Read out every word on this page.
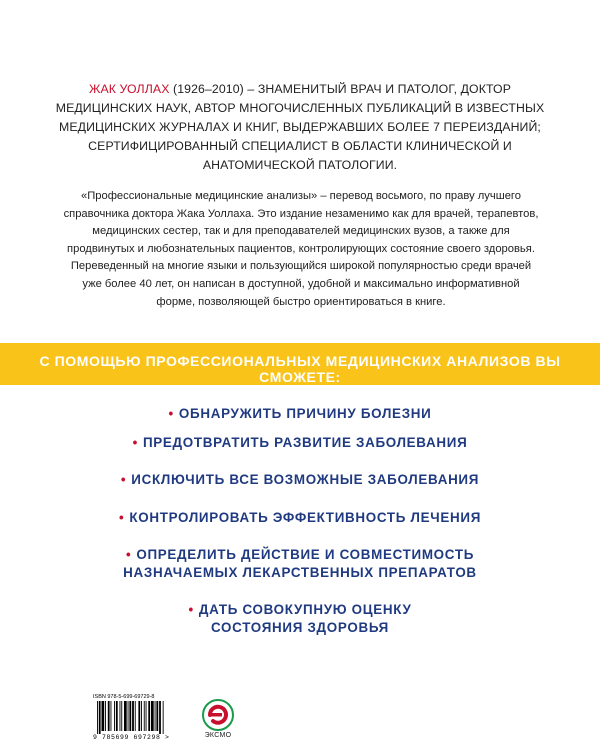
ЖАК УОЛЛАХ (1926–2010) – ЗНАМЕНИТЫЙ ВРАЧ И ПАТОЛОГ, ДОКТОР МЕДИЦИНСКИХ НАУК, АВТОР МНОГОЧИСЛЕННЫХ ПУБЛИКАЦИЙ В ИЗВЕСТНЫХ МЕДИЦИНСКИХ ЖУРНАЛАХ И КНИГ, ВЫДЕРЖАВШИХ БОЛЕЕ 7 ПЕРЕИЗДАНИЙ; СЕРТИФИЦИРОВАННЫЙ СПЕЦИАЛИСТ В ОБЛАСТИ КЛИНИЧЕСКОЙ И АНАТОМИЧЕСКОЙ ПАТОЛОГИИ.
«Профессиональные медицинские анализы» – перевод восьмого, по праву лучшего справочника доктора Жака Уоллаха. Это издание незаменимо как для врачей, терапевтов, медицинских сестер, так и для преподавателей медицинских вузов, а также для продвинутых и любознательных пациентов, контролирующих состояние своего здоровья. Переведенный на многие языки и пользующийся широкой популярностью среди врачей уже более 40 лет, он написан в доступной, удобной и максимально информативной форме, позволяющей быстро ориентироваться в книге.
С ПОМОЩЬЮ ПРОФЕССИОНАЛЬНЫХ МЕДИЦИНСКИХ АНАЛИЗОВ ВЫ СМОЖЕТЕ:
• ОБНАРУЖИТЬ ПРИЧИНУ БОЛЕЗНИ
• ПРЕДОТВРАТИТЬ РАЗВИТИЕ ЗАБОЛЕВАНИЯ
• ИСКЛЮЧИТЬ ВСЕ ВОЗМОЖНЫЕ ЗАБОЛЕВАНИЯ
• КОНТРОЛИРОВАТЬ ЭФФЕКТИВНОСТЬ ЛЕЧЕНИЯ
• ОПРЕДЕЛИТЬ ДЕЙСТВИЕ И СОВМЕСТИМОСТЬ НАЗНАЧАЕМЫХ ЛЕКАРСТВЕННЫХ ПРЕПАРАТОВ
• ДАТЬ СОВОКУПНУЮ ОЦЕНКУ СОСТОЯНИЯ ЗДОРОВЬЯ
ISBN 978-5-699-69729-8
9 785699 697298 >	ЭКСМО
